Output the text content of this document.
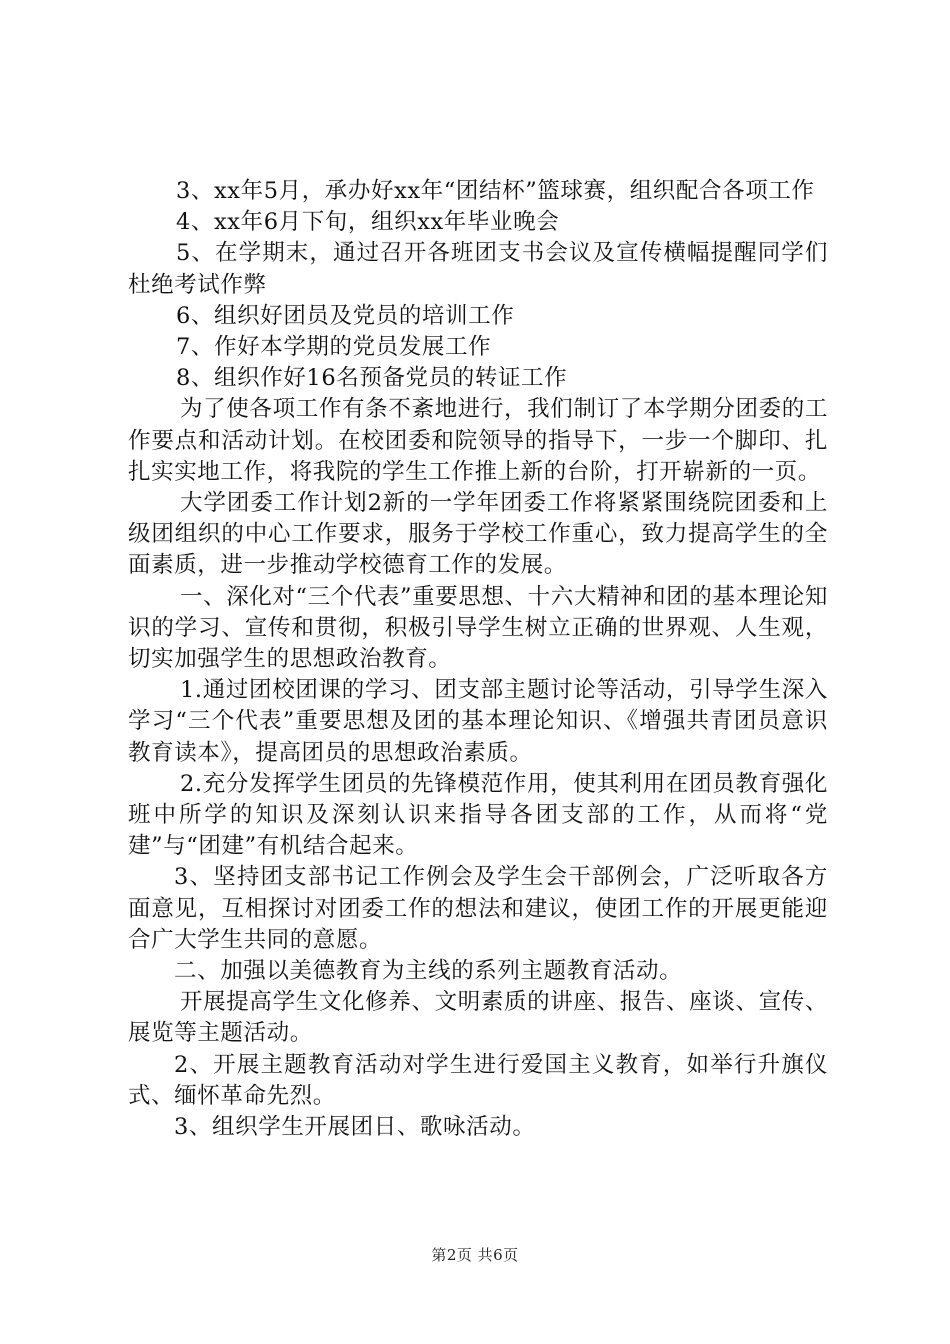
3、xx年5月，承办好xx年“团结杯”篮球赛，组织配合各项工作

4、xx年6月下旬，组织xx年毕业晚会

5、在学期末，通过召开各班团支书会议及宣传横幅提醒同学们杜绝考试作弊

6、组织好团员及党员的培训工作

7、作好本学期的党员发展工作

8、组织作好16名预备党员的转证工作

为了使各项工作有条不紊地进行，我们制订了本学期分团委的工作要点和活动计划。在校团委和院领导的指导下，一步一个脚印、扎扎实实地工作，将我院的学生工作推上新的台阶，打开崭新的一页。

大学团委工作计划2新的一学年团委工作将紧紧围绕院团委和上级团组织的中心工作要求，服务于学校工作重心，致力提高学生的全面素质，进一步推动学校德育工作的发展。

一、深化对“三个代表”重要思想、十六大精神和团的基本理论知识的学习、宣传和贯彻，积极引导学生树立正确的世界观、人生观，切实加强学生的思想政治教育。

1.通过团校团课的学习、团支部主题讨论等活动，引导学生深入学习“三个代表”重要思想及团的基本理论知识、《增强共青团员意识教育读本》，提高团员的思想政治素质。

2.充分发挥学生团员的先锋模范作用，使其利用在团员教育强化班中所学的知识及深刻认识来指导各团支部的工作，从而将“党建”与“团建”有机结合起来。

3、坚持团支部书记工作例会及学生会干部例会，广泛听取各方面意见，互相探讨对团委工作的想法和建议，使团工作的开展更能迎合广大学生共同的意愿。

二、加强以美德教育为主线的系列主题教育活动。

开展提高学生文化修养、文明素质的讲座、报告、座谈、宣传、展览等主题活动。

2、开展主题教育活动对学生进行爱国主义教育，如举行升旗仪式、缅怀革命先烈。

3、组织学生开展团日、歌咏活动。

第2页 共6页
